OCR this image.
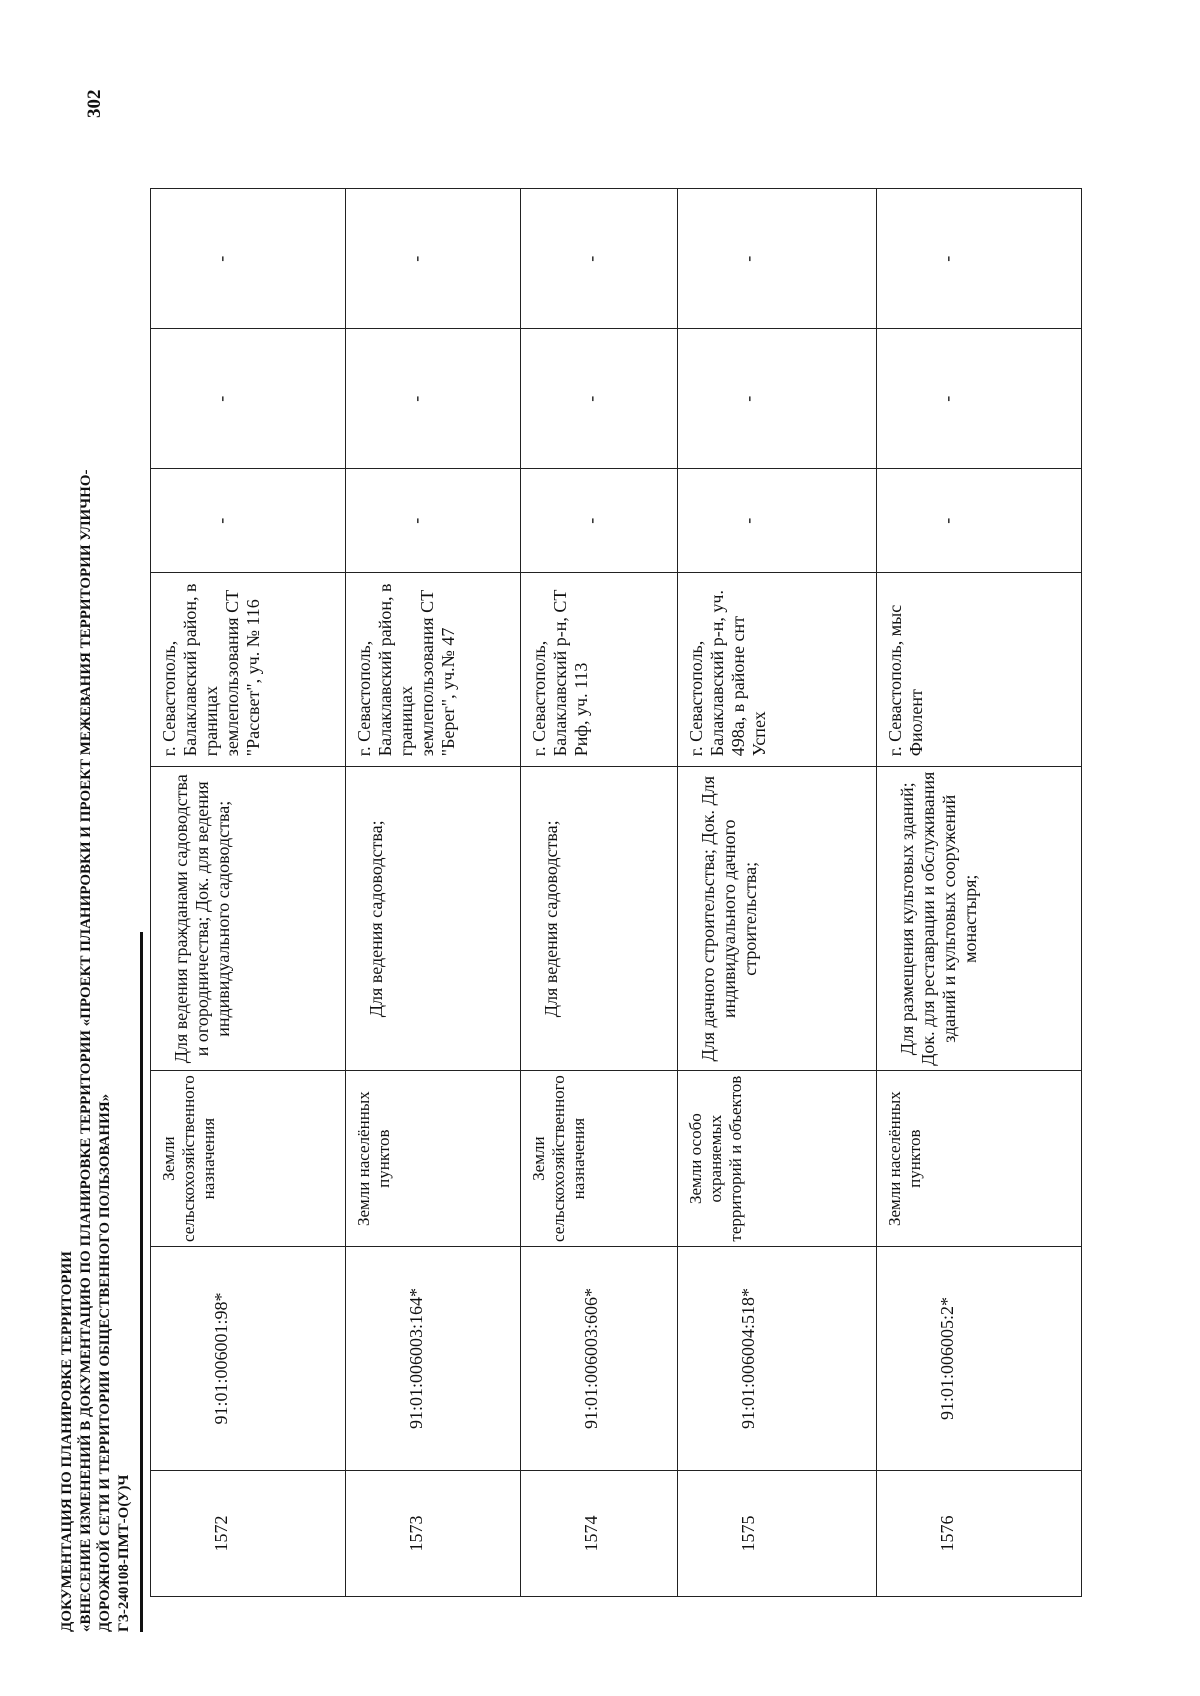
ДОКУМЕНТАЦИЯ ПО ПЛАНИРОВКЕ ТЕРРИТОРИИ «ВНЕСЕНИЕ ИЗМЕНЕНИЙ В ДОКУМЕНТАЦИЮ ПО ПЛАНИРОВКЕ ТЕРРИТОРИИ «ПРОЕКТ ПЛАНИРОВКИ И ПРОЕКТ МЕЖЕВАНИЯ ТЕРРИТОРИИ УЛИЧНО- ДОРОЖНОЙ СЕТИ И ТЕРРИТОРИИ ОБЩЕСТВЕННОГО ПОЛЬЗОВАНИЯ» ГЗ-240108-ПМТ-О(У)Ч
302
1572	91:01:006001:98*	Земли сельскохозяйственного назначения	Для ведения гражданами садоводства и огородничества; Док. для ведения индивидуального садоводства;	г. Севастополь, Балаклавский район, в границах землепользования СТ "Рассвет", уч. № 116	-	-	-
1573	91:01:006003:164*	Земли населённых пунктов	Для ведения садоводства;	г. Севастополь, Балаклавский район, в границах землепользования СТ "Берег", уч.№ 47	-	-	-
1574	91:01:006003:606*	Земли сельскохозяйственного назначения	Для ведения садоводства;	г. Севастополь, Балаклавский р-н, СТ Риф, уч. 113	-	-	-
1575	91:01:006004:518*	Земли особо охраняемых территорий и объектов	Для дачного строительства; Док. Для индивидуального дачного строительства;	г. Севастополь, Балаклавский р-н, уч. 498а, в районе снт Успех	-	-	-
1576	91:01:006005:2*	Земли населённых пунктов	Для размещения культовых зданий; Док. для реставрации и обслуживания зданий и культовых сооружений монастыря;	г. Севастополь, мыс Фиолент	-	-	-
